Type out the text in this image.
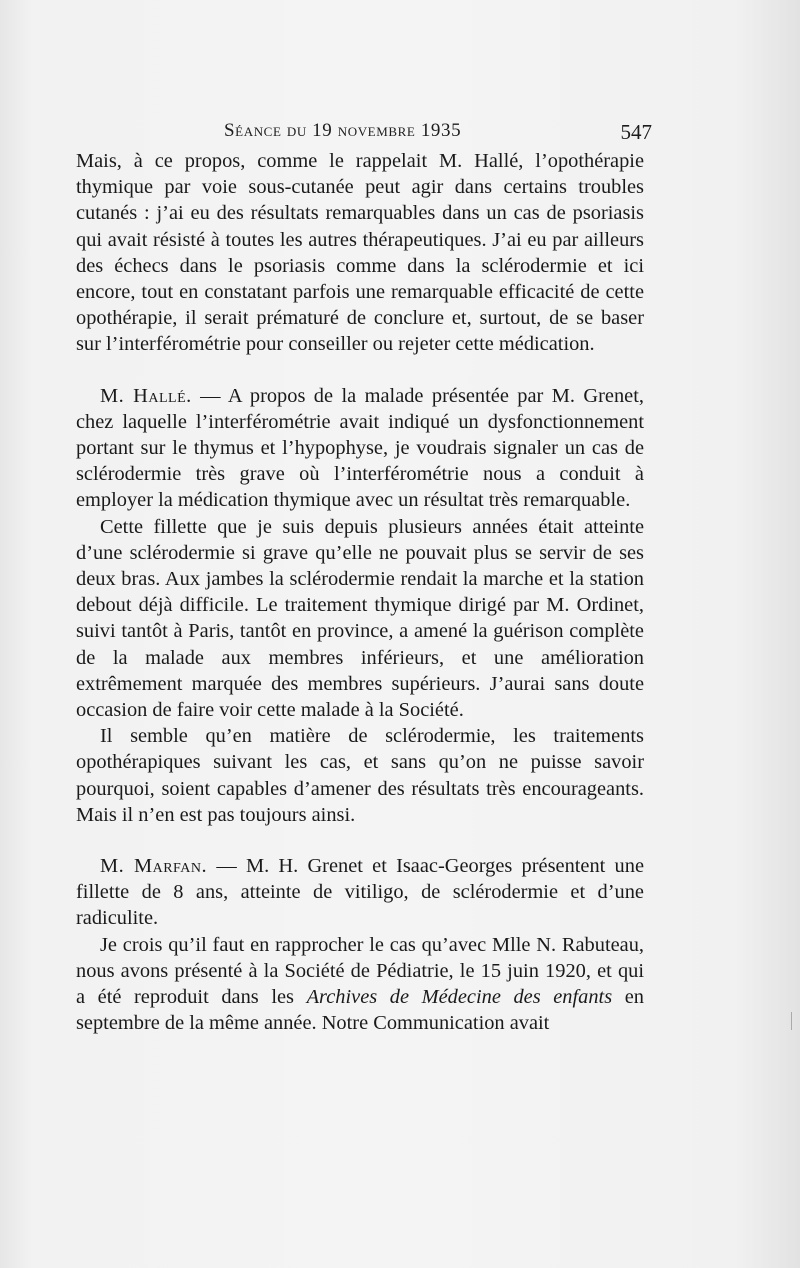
Séance du 19 novembre 1935	547

Mais, à ce propos, comme le rappelait M. Hallé, l’opothérapie thymique par voie sous-cutanée peut agir dans certains troubles cutanés : j’ai eu des résultats remarquables dans un cas de psoriasis qui avait résisté à toutes les autres thérapeutiques. J’ai eu par ailleurs des échecs dans le psoriasis comme dans la sclérodermie et ici encore, tout en constatant parfois une remarquable efficacité de cette opothérapie, il serait prématuré de conclure et, surtout, de se baser sur l’interférométrie pour conseiller ou rejeter cette médication.

M. Hallé. — A propos de la malade présentée par M. Grenet, chez laquelle l’interférométrie avait indiqué un dysfonctionnement portant sur le thymus et l’hypophyse, je voudrais signaler un cas de sclérodermie très grave où l’interférométrie nous a conduit à employer la médication thymique avec un résultat très remarquable.

Cette fillette que je suis depuis plusieurs années était atteinte d’une sclérodermie si grave qu’elle ne pouvait plus se servir de ses deux bras. Aux jambes la sclérodermie rendait la marche et la station debout déjà difficile. Le traitement thymique dirigé par M. Ordinet, suivi tantôt à Paris, tantôt en province, a amené la guérison complète de la malade aux membres inférieurs, et une amélioration extrêmement marquée des membres supérieurs. J’aurai sans doute occasion de faire voir cette malade à la Société.

Il semble qu’en matière de sclérodermie, les traitements opothérapiques suivant les cas, et sans qu’on ne puisse savoir pourquoi, soient capables d’amener des résultats très encourageants. Mais il n’en est pas toujours ainsi.

M. Marfan. — M. H. Grenet et Isaac-Georges présentent une fillette de 8 ans, atteinte de vitiligo, de sclérodermie et d’une radiculite.

Je crois qu’il faut en rapprocher le cas qu’avec Mlle N. Rabuteau, nous avons présenté à la Société de Pédiatrie, le 15 juin 1920, et qui a été reproduit dans les Archives de Médecine des enfants en septembre de la même année. Notre Communication avait
